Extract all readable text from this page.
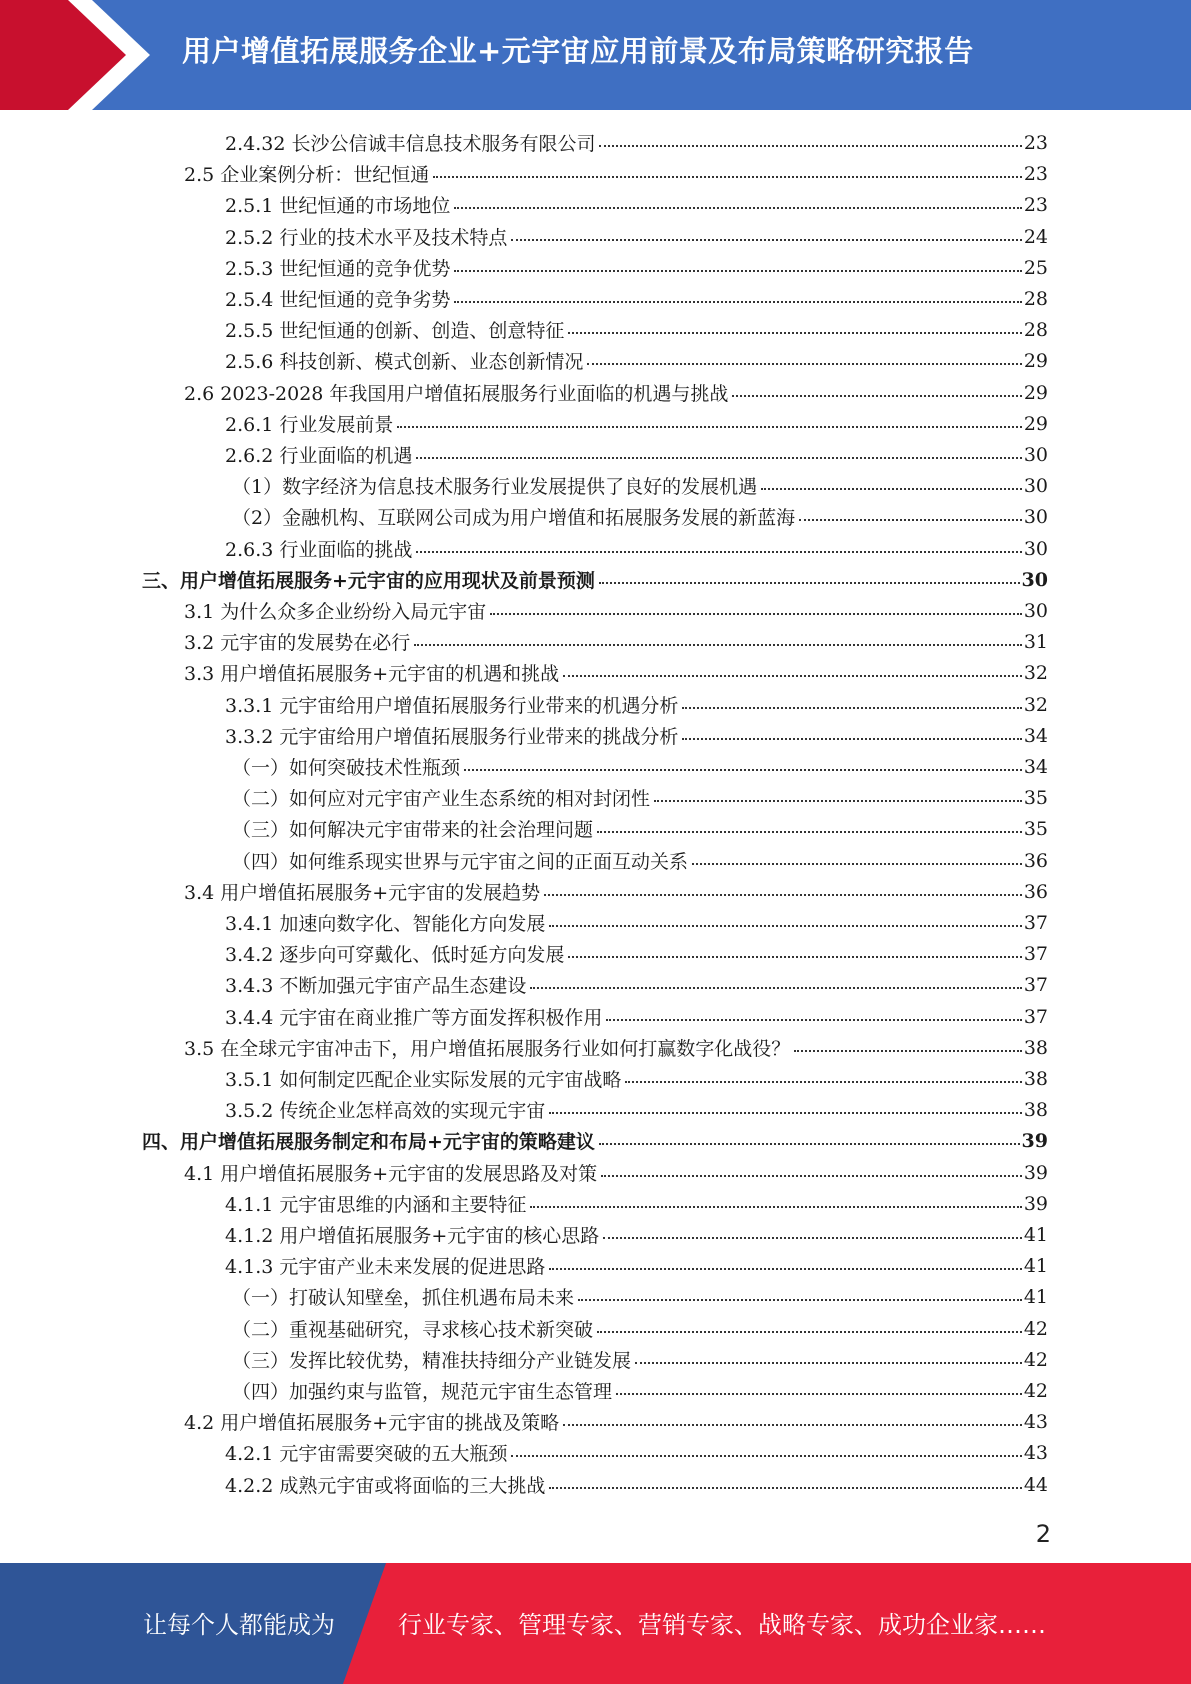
用户增值拓展服务企业+元宇宙应用前景及布局策略研究报告
2.4.32 长沙公信诚丰信息技术服务有限公司	23
2.5 企业案例分析：世纪恒通	23
2.5.1 世纪恒通的市场地位	23
2.5.2 行业的技术水平及技术特点	24
2.5.3 世纪恒通的竞争优势	25
2.5.4 世纪恒通的竞争劣势	28
2.5.5 世纪恒通的创新、创造、创意特征	28
2.5.6 科技创新、模式创新、业态创新情况	29
2.6 2023-2028 年我国用户增值拓展服务行业面临的机遇与挑战	29
2.6.1 行业发展前景	29
2.6.2 行业面临的机遇	30
（1）数字经济为信息技术服务行业发展提供了良好的发展机遇	30
（2）金融机构、互联网公司成为用户增值和拓展服务发展的新蓝海	30
2.6.3 行业面临的挑战	30
三、用户增值拓展服务+元宇宙的应用现状及前景预测	30
3.1 为什么众多企业纷纷入局元宇宙	30
3.2 元宇宙的发展势在必行	31
3.3 用户增值拓展服务+元宇宙的机遇和挑战	32
3.3.1 元宇宙给用户增值拓展服务行业带来的机遇分析	32
3.3.2 元宇宙给用户增值拓展服务行业带来的挑战分析	34
（一）如何突破技术性瓶颈	34
（二）如何应对元宇宙产业生态系统的相对封闭性	35
（三）如何解决元宇宙带来的社会治理问题	35
（四）如何维系现实世界与元宇宙之间的正面互动关系	36
3.4 用户增值拓展服务+元宇宙的发展趋势	36
3.4.1 加速向数字化、智能化方向发展	37
3.4.2 逐步向可穿戴化、低时延方向发展	37
3.4.3 不断加强元宇宙产品生态建设	37
3.4.4 元宇宙在商业推广等方面发挥积极作用	37
3.5 在全球元宇宙冲击下，用户增值拓展服务行业如何打赢数字化战役？	38
3.5.1 如何制定匹配企业实际发展的元宇宙战略	38
3.5.2 传统企业怎样高效的实现元宇宙	38
四、用户增值拓展服务制定和布局+元宇宙的策略建议	39
4.1 用户增值拓展服务+元宇宙的发展思路及对策	39
4.1.1 元宇宙思维的内涵和主要特征	39
4.1.2 用户增值拓展服务+元宇宙的核心思路	41
4.1.3 元宇宙产业未来发展的促进思路	41
（一）打破认知壁垒，抓住机遇布局未来	41
（二）重视基础研究，寻求核心技术新突破	42
（三）发挥比较优势，精准扶持细分产业链发展	42
（四）加强约束与监管，规范元宇宙生态管理	42
4.2 用户增值拓展服务+元宇宙的挑战及策略	43
4.2.1 元宇宙需要突破的五大瓶颈	43
4.2.2 成熟元宇宙或将面临的三大挑战	44
2
让每个人都能成为	行业专家、管理专家、营销专家、战略专家、成功企业家……
